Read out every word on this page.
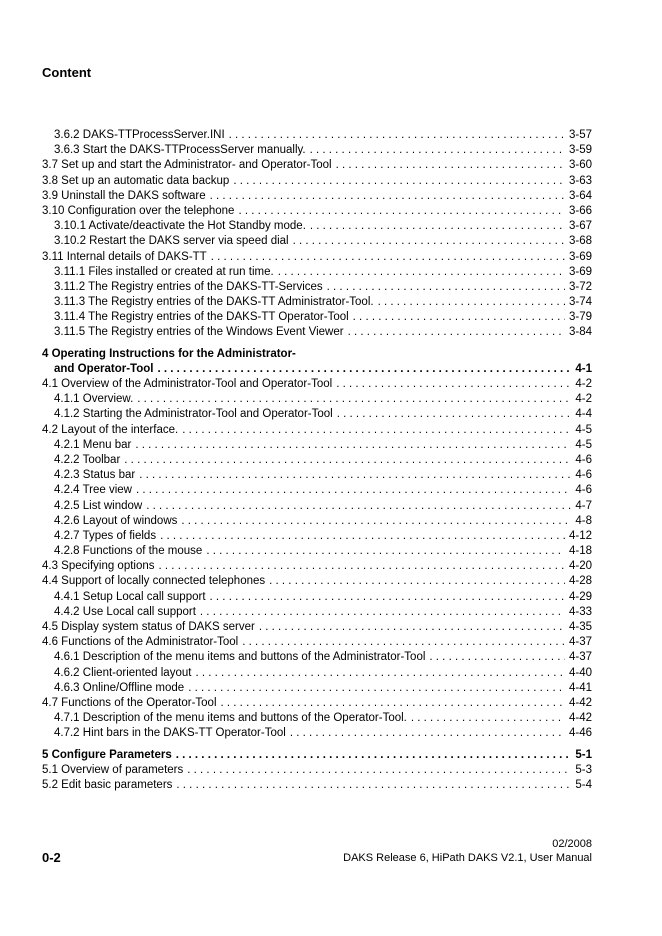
Content
3.6.2 DAKS-TTProcessServer.INI . . .	3-57
3.6.3 Start the DAKS-TTProcessServer manually. . . .	3-59
3.7 Set up and start the Administrator- and Operator-Tool . . .	3-60
3.8 Set up an automatic data backup . . .	3-63
3.9 Uninstall the DAKS software . . .	3-64
3.10 Configuration over the telephone . . .	3-66
3.10.1 Activate/deactivate the Hot Standby mode. . . .	3-67
3.10.2 Restart the DAKS server via speed dial . . .	3-68
3.11 Internal details of DAKS-TT . . .	3-69
3.11.1 Files installed or created at run time. . . .	3-69
3.11.2 The Registry entries of the DAKS-TT-Services . . .	3-72
3.11.3 The Registry entries of the DAKS-TT Administrator-Tool. . . .	3-74
3.11.4 The Registry entries of the DAKS-TT Operator-Tool . . .	3-79
3.11.5 The Registry entries of the Windows Event Viewer . . .	3-84
4 Operating Instructions for the Administrator-
and Operator-Tool . . .	4-1
4.1 Overview of the Administrator-Tool and Operator-Tool . . .	4-2
4.1.1 Overview. . . .	4-2
4.1.2 Starting the Administrator-Tool and Operator-Tool . . .	4-4
4.2 Layout of the interface. . . .	4-5
4.2.1 Menu bar . . .	4-5
4.2.2 Toolbar . . .	4-6
4.2.3 Status bar . . .	4-6
4.2.4 Tree view . . .	4-6
4.2.5 List window . . .	4-7
4.2.6 Layout of windows . . .	4-8
4.2.7 Types of fields . . .	4-12
4.2.8 Functions of the mouse . . .	4-18
4.3 Specifying options . . .	4-20
4.4 Support of locally connected telephones . . .	4-28
4.4.1 Setup Local call support . . .	4-29
4.4.2 Use Local call support . . .	4-33
4.5 Display system status of DAKS server . . .	4-35
4.6 Functions of the Administrator-Tool . . .	4-37
4.6.1 Description of the menu items and buttons of the Administrator-Tool . . .	4-37
4.6.2 Client-oriented layout . . .	4-40
4.6.3 Online/Offline mode . . .	4-41
4.7 Functions of the Operator-Tool . . .	4-42
4.7.1 Description of the menu items and buttons of the Operator-Tool. . . .	4-42
4.7.2 Hint bars in the DAKS-TT Operator-Tool . . .	4-46
5 Configure Parameters . . .	5-1
5.1 Overview of parameters . . .	5-3
5.2 Edit basic parameters . . .	5-4
02/2008
0-2	DAKS Release 6, HiPath DAKS V2.1, User Manual
